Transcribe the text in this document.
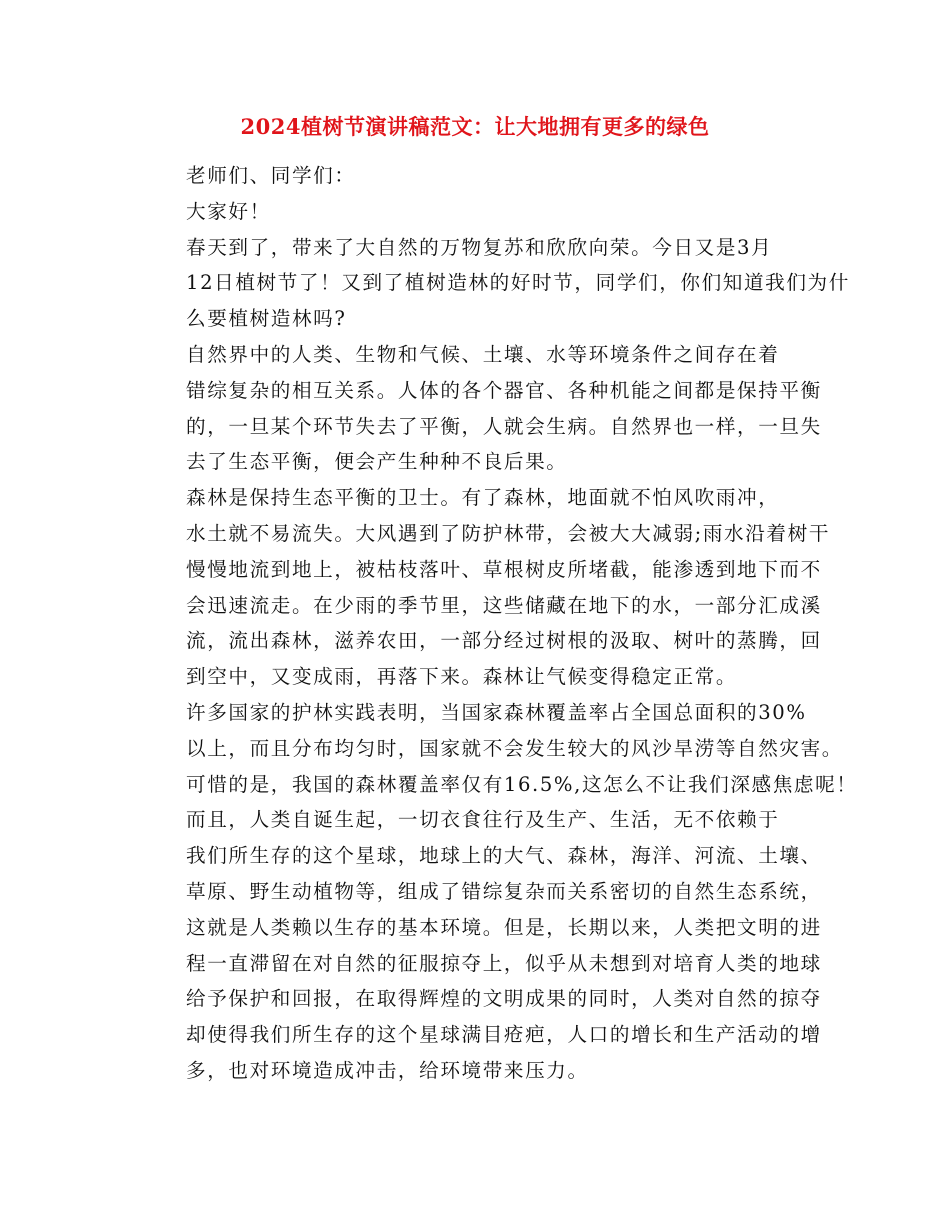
2024植树节演讲稿范文：让大地拥有更多的绿色

老师们、同学们：

大家好！

春天到了，带来了大自然的万物复苏和欣欣向荣。今日又是3月
12日植树节了！又到了植树造林的好时节，同学们，你们知道我们为什
么要植树造林吗?

自然界中的人类、生物和气候、土壤、水等环境条件之间存在着
错综复杂的相互关系。人体的各个器官、各种机能之间都是保持平衡
的，一旦某个环节失去了平衡，人就会生病。自然界也一样，一旦失
去了生态平衡，便会产生种种不良后果。

森林是保持生态平衡的卫士。有了森林，地面就不怕风吹雨冲，
水土就不易流失。大风遇到了防护林带，会被大大减弱;雨水沿着树干
慢慢地流到地上，被枯枝落叶、草根树皮所堵截，能渗透到地下而不
会迅速流走。在少雨的季节里，这些储藏在地下的水，一部分汇成溪
流，流出森林，滋养农田，一部分经过树根的汲取、树叶的蒸腾，回
到空中，又变成雨，再落下来。森林让气候变得稳定正常。

许多国家的护林实践表明，当国家森林覆盖率占全国总面积的30%
以上，而且分布均匀时，国家就不会发生较大的风沙旱涝等自然灾害。
可惜的是，我国的森林覆盖率仅有16.5%,这怎么不让我们深感焦虑呢！

而且，人类自诞生起，一切衣食往行及生产、生活，无不依赖于
我们所生存的这个星球，地球上的大气、森林，海洋、河流、土壤、
草原、野生动植物等，组成了错综复杂而关系密切的自然生态系统，
这就是人类赖以生存的基本环境。但是，长期以来，人类把文明的进
程一直滞留在对自然的征服掠夺上，似乎从未想到对培育人类的地球
给予保护和回报，在取得辉煌的文明成果的同时，人类对自然的掠夺
却使得我们所生存的这个星球满目疮疤，人口的增长和生产活动的增
多，也对环境造成冲击，给环境带来压力。
